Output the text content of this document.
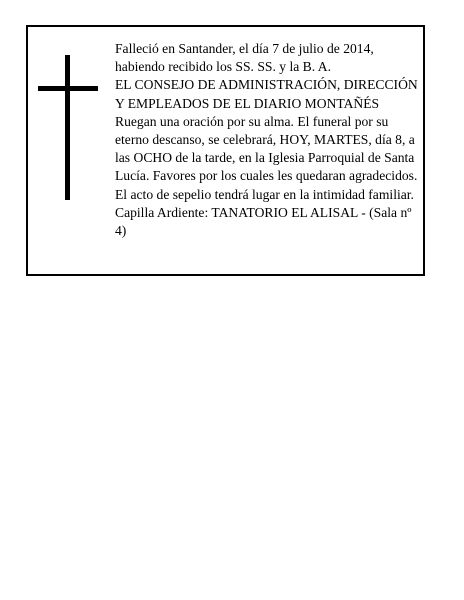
Falleció en Santander, el día 7 de julio de 2014, habiendo recibido los SS. SS. y la B. A.

EL CONSEJO DE ADMINISTRACIÓN, DIRECCIÓN Y EMPLEADOS DE EL DIARIO MONTAÑÉS

Ruegan una oración por su alma. El funeral por su eterno descanso, se celebrará, HOY, MARTES, día 8, a las OCHO de la tarde, en la Iglesia Parroquial de Santa Lucía. Favores por los cuales les quedaran agradecidos. El acto de sepelio tendrá lugar en la intimidad familiar. Capilla Ardiente: TANATORIO EL ALISAL - (Sala nº 4)
